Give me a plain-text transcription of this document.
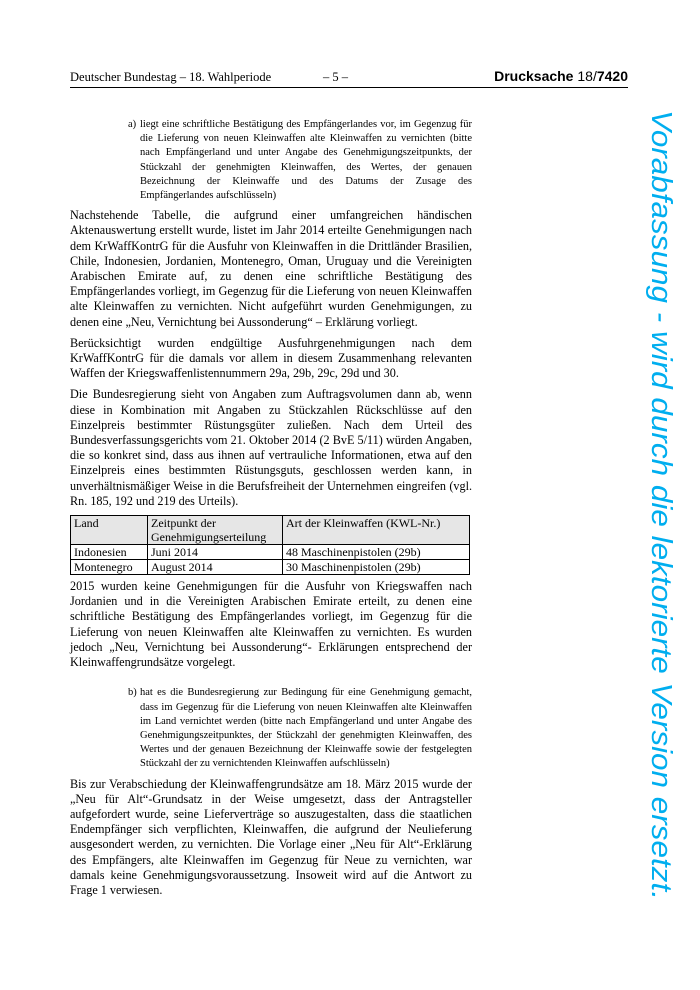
Deutscher Bundestag – 18. Wahlperiode	– 5 –	Drucksache 18/7420
a) liegt eine schriftliche Bestätigung des Empfängerlandes vor, im Gegenzug für die Lieferung von neuen Kleinwaffen alte Kleinwaffen zu vernichten (bitte nach Empfängerland und unter Angabe des Genehmigungszeitpunkts, der Stückzahl der genehmigten Kleinwaffen, des Wertes, der genauen Bezeichnung der Kleinwaffe und des Datums der Zusage des Empfängerlandes aufschlüsseln)

Nachstehende Tabelle, die aufgrund einer umfangreichen händischen Aktenauswertung erstellt wurde, listet im Jahr 2014 erteilte Genehmigungen nach dem KrWaffKontrG für die Ausfuhr von Kleinwaffen in die Drittländer Brasilien, Chile, Indonesien, Jordanien, Montenegro, Oman, Uruguay und die Vereinigten Arabischen Emirate auf, zu denen eine schriftliche Bestätigung des Empfängerlandes vorliegt, im Gegenzug für die Lieferung von neuen Kleinwaffen alte Kleinwaffen zu vernichten. Nicht aufgeführt wurden Genehmigungen, zu denen eine „Neu, Vernichtung bei Aussonderung“ – Erklärung vorliegt.

Berücksichtigt wurden endgültige Ausfuhrgenehmigungen nach dem KrWaffKontrG für die damals vor allem in diesem Zusammenhang relevanten Waffen der Kriegswaffenlistennummern 29a, 29b, 29c, 29d und 30.

Die Bundesregierung sieht von Angaben zum Auftragsvolumen dann ab, wenn diese in Kombination mit Angaben zu Stückzahlen Rückschlüsse auf den Einzelpreis bestimmter Rüstungsgüter zuließen. Nach dem Urteil des Bundesverfassungsgerichts vom 21. Oktober 2014 (2 BvE 5/11) würden Angaben, die so konkret sind, dass aus ihnen auf vertrauliche Informationen, etwa auf den Einzelpreis eines bestimmten Rüstungsguts, geschlossen werden kann, in unverhältnismäßiger Weise in die Berufsfreiheit der Unternehmen eingreifen (vgl. Rn. 185, 192 und 219 des Urteils).

Land	Zeitpunkt der Genehmigungserteilung	Art der Kleinwaffen (KWL-Nr.)
Indonesien	Juni 2014	48 Maschinenpistolen (29b)
Montenegro	August 2014	30 Maschinenpistolen (29b)

2015 wurden keine Genehmigungen für die Ausfuhr von Kriegswaffen nach Jordanien und in die Vereinigten Arabischen Emirate erteilt, zu denen eine schriftliche Bestätigung des Empfängerlandes vorliegt, im Gegenzug für die Lieferung von neuen Kleinwaffen alte Kleinwaffen zu vernichten. Es wurden jedoch „Neu, Vernichtung bei Aussonderung“- Erklärungen entsprechend der Kleinwaffengrundsätze vorgelegt.

b) hat es die Bundesregierung zur Bedingung für eine Genehmigung gemacht, dass im Gegenzug für die Lieferung von neuen Kleinwaffen alte Kleinwaffen im Land vernichtet werden (bitte nach Empfängerland und unter Angabe des Genehmigungszeitpunktes, der Stückzahl der genehmigten Kleinwaffen, des Wertes und der genauen Bezeichnung der Kleinwaffe sowie der festgelegten Stückzahl der zu vernichtenden Kleinwaffen aufschlüsseln)

Bis zur Verabschiedung der Kleinwaffengrundsätze am 18. März 2015 wurde der „Neu für Alt“-Grundsatz in der Weise umgesetzt, dass der Antragsteller aufgefordert wurde, seine Lieferverträge so auszugestalten, dass die staatlichen Endempfänger sich verpflichten, Kleinwaffen, die aufgrund der Neulieferung ausgesondert werden, zu vernichten. Die Vorlage einer „Neu für Alt“-Erklärung des Empfängers, alte Kleinwaffen im Gegenzug für Neue zu vernichten, war damals keine Genehmigungsvoraussetzung. Insoweit wird auf die Antwort zu Frage 1 verwiesen.

Vorabfassung - wird durch die lektorierte Version ersetzt.
